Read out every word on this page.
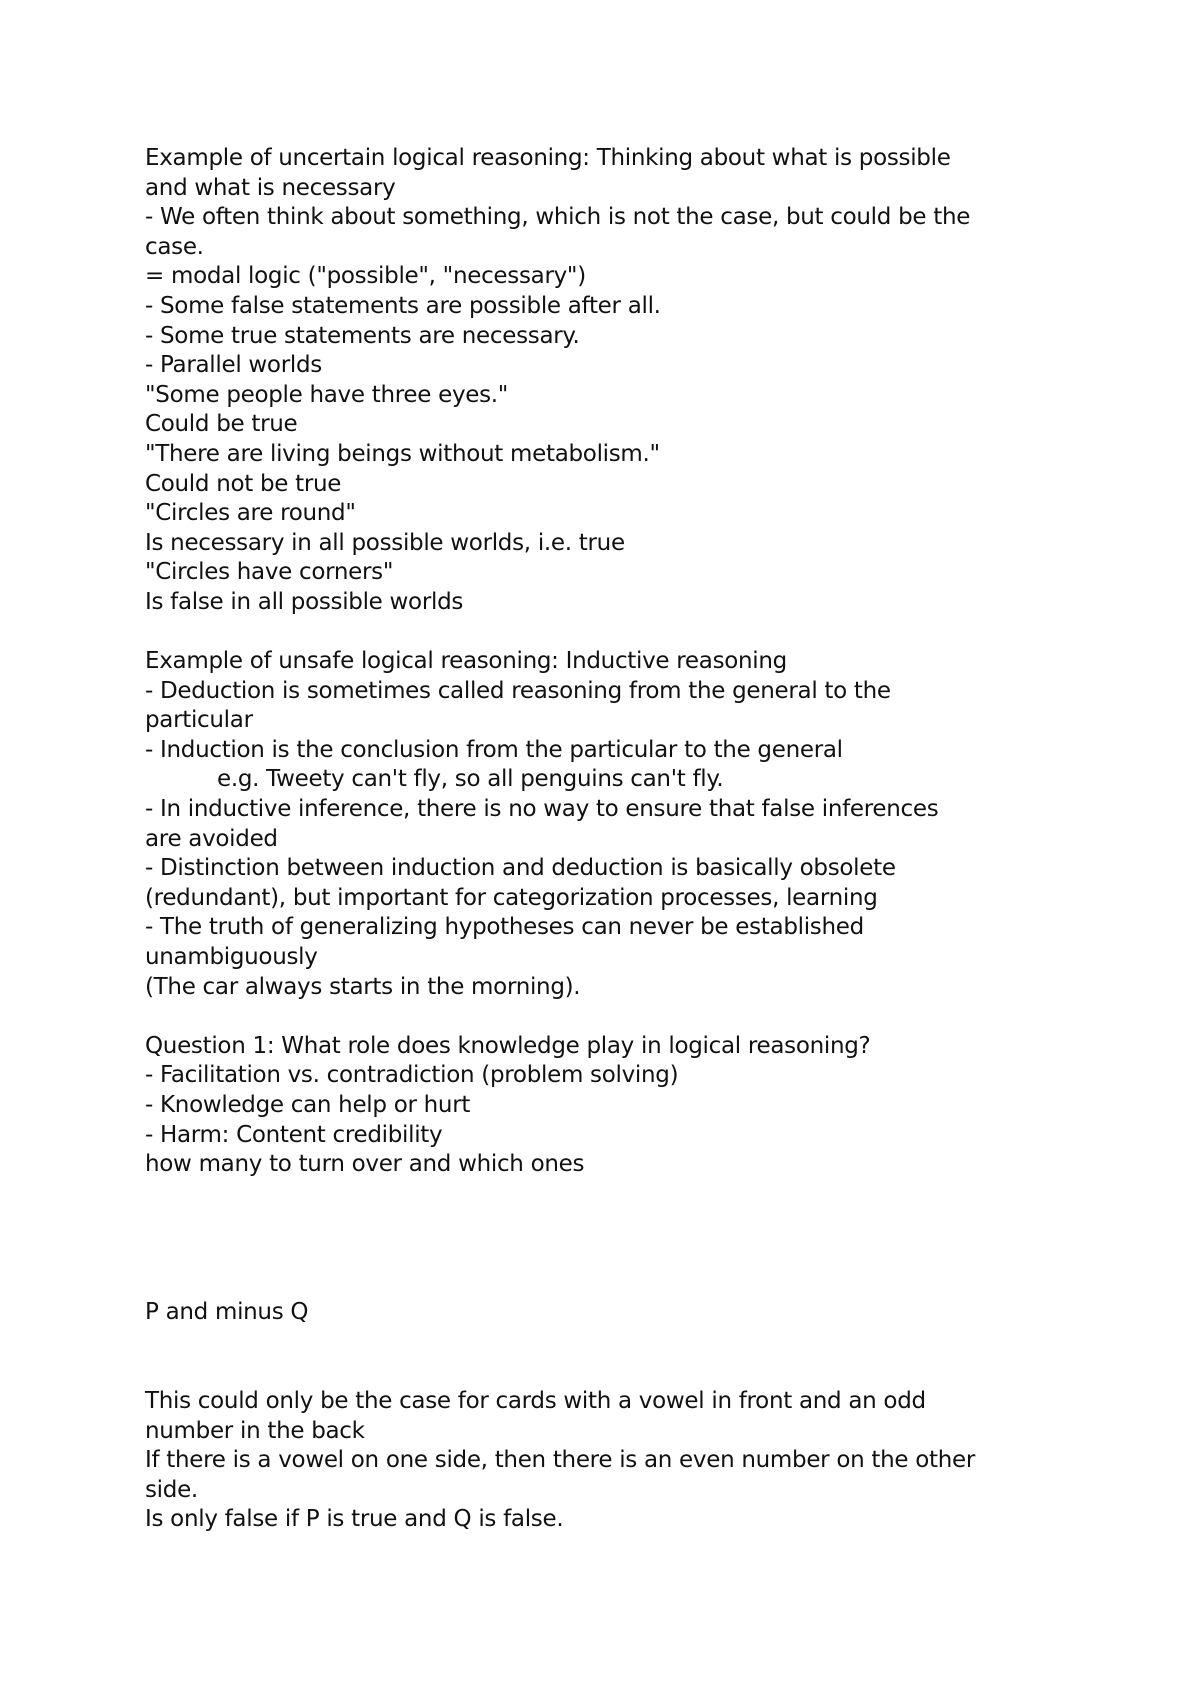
Example of uncertain logical reasoning: Thinking about what is possible
and what is necessary
- We often think about something, which is not the case, but could be the
case.
= modal logic ("possible", "necessary")
- Some false statements are possible after all.
- Some true statements are necessary.
- Parallel worlds
"Some people have three eyes."
Could be true
"There are living beings without metabolism."
Could not be true
"Circles are round"
Is necessary in all possible worlds, i.e. true
"Circles have corners"
Is false in all possible worlds
Example of unsafe logical reasoning: Inductive reasoning
- Deduction is sometimes called reasoning from the general to the
particular
- Induction is the conclusion from the particular to the general
e.g. Tweety can't fly, so all penguins can't fly.
- In inductive inference, there is no way to ensure that false inferences
are avoided
- Distinction between induction and deduction is basically obsolete
(redundant), but important for categorization processes, learning
- The truth of generalizing hypotheses can never be established
unambiguously
(The car always starts in the morning).
Question 1: What role does knowledge play in logical reasoning?
- Facilitation vs. contradiction (problem solving)
- Knowledge can help or hurt
- Harm: Content credibility
how many to turn over and which ones
P and minus Q
This could only be the case for cards with a vowel in front and an odd
number in the back
If there is a vowel on one side, then there is an even number on the other
side.
Is only false if P is true and Q is false.
